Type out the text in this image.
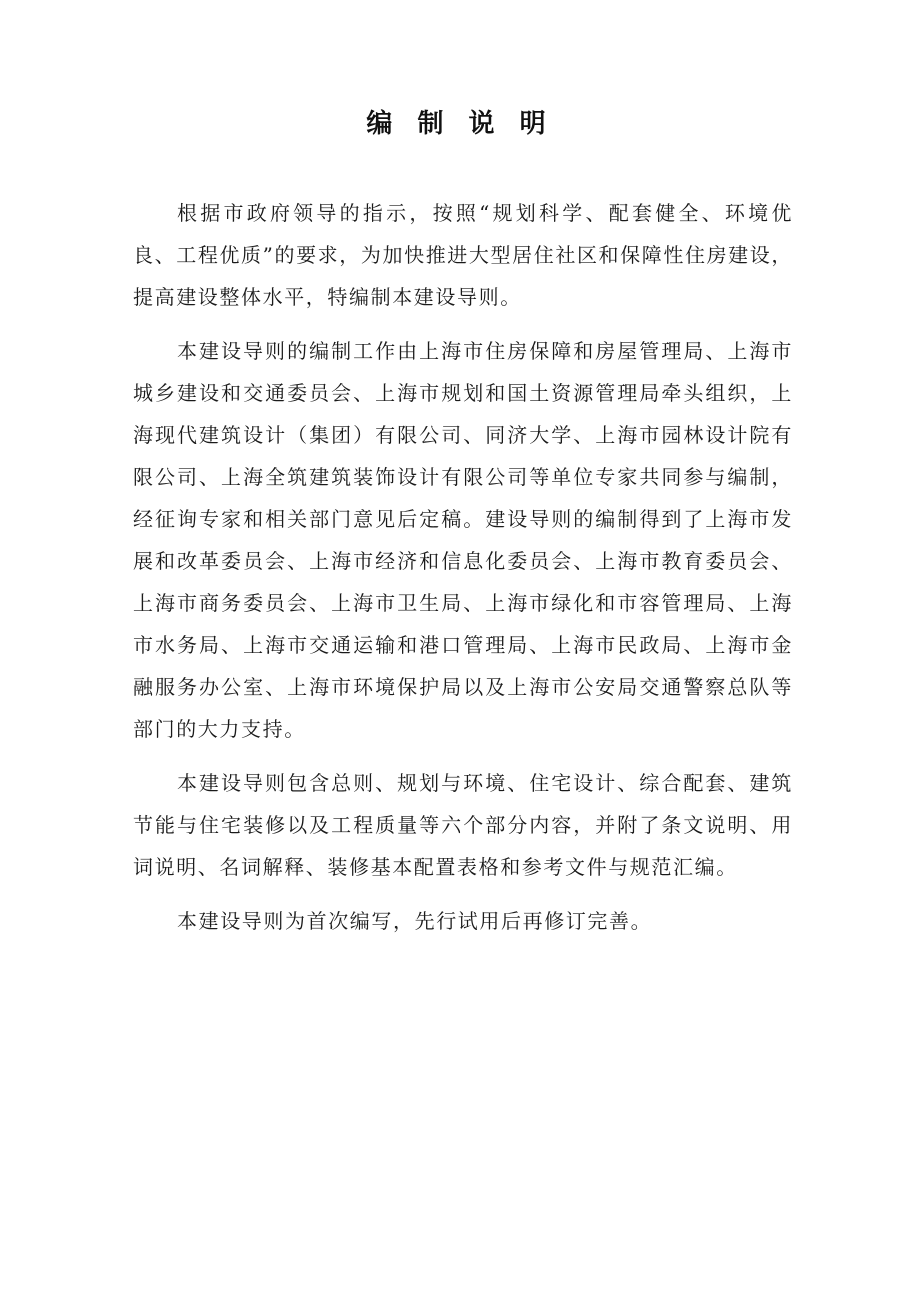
编 制 说 明

根据市政府领导的指示，按照“规划科学、配套健全、环境优良、工程优质”的要求，为加快推进大型居住社区和保障性住房建设，提高建设整体水平，特编制本建设导则。

本建设导则的编制工作由上海市住房保障和房屋管理局、上海市城乡建设和交通委员会、上海市规划和国土资源管理局牵头组织，上海现代建筑设计（集团）有限公司、同济大学、上海市园林设计院有限公司、上海全筑建筑装饰设计有限公司等单位专家共同参与编制，经征询专家和相关部门意见后定稿。建设导则的编制得到了上海市发展和改革委员会、上海市经济和信息化委员会、上海市教育委员会、上海市商务委员会、上海市卫生局、上海市绿化和市容管理局、上海市水务局、上海市交通运输和港口管理局、上海市民政局、上海市金融服务办公室、上海市环境保护局以及上海市公安局交通警察总队等部门的大力支持。

本建设导则包含总则、规划与环境、住宅设计、综合配套、建筑节能与住宅装修以及工程质量等六个部分内容，并附了条文说明、用词说明、名词解释、装修基本配置表格和参考文件与规范汇编。

本建设导则为首次编写，先行试用后再修订完善。
